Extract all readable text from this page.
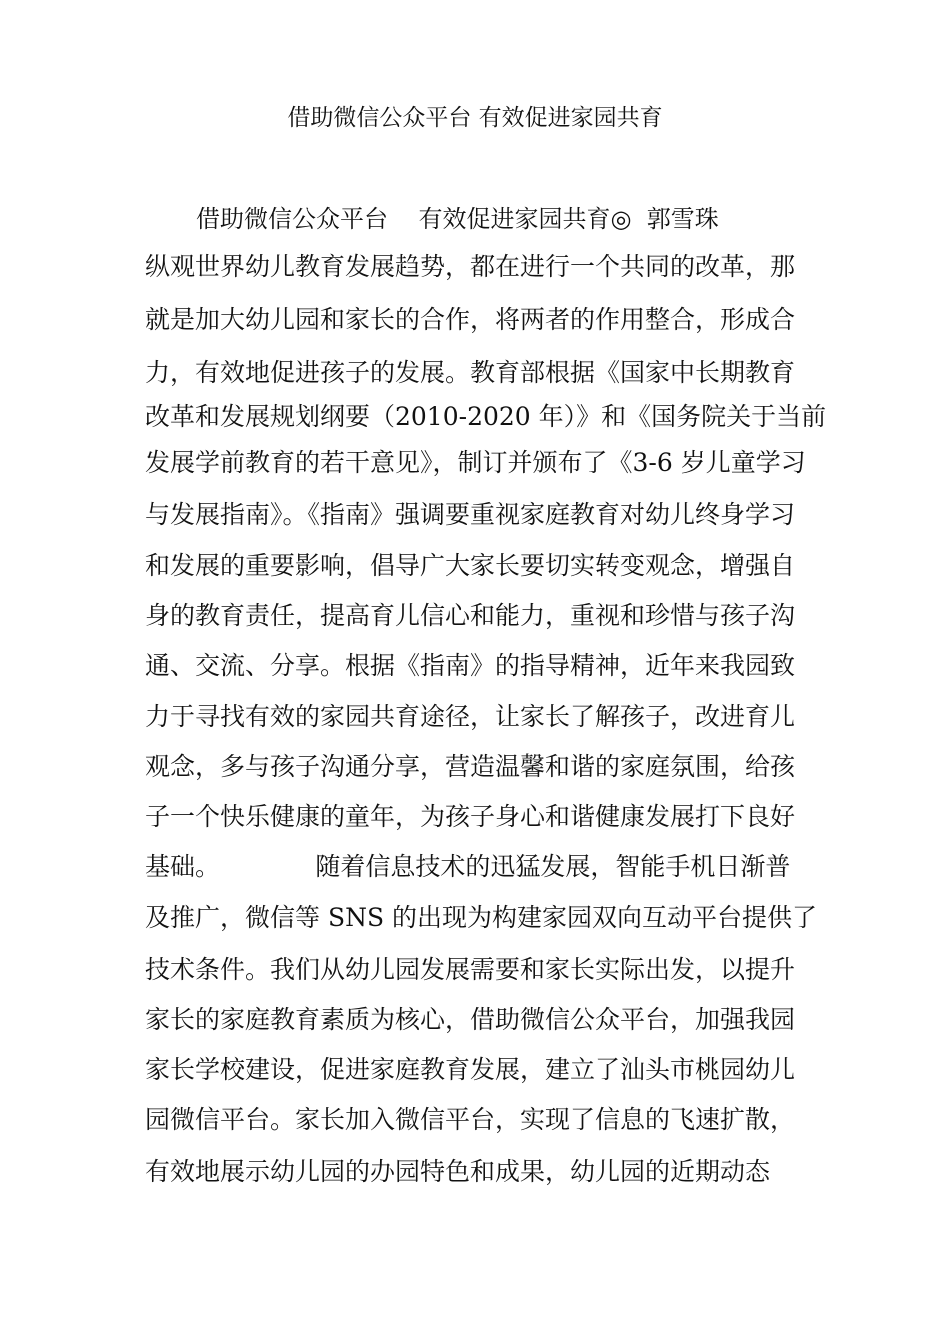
借助微信公众平台 有效促进家园共育
借助微信公众平台    有效促进家园共育◎  郭雪珠
纵观世界幼儿教育发展趋势，都在进行一个共同的改革，那
就是加大幼儿园和家长的合作，将两者的作用整合，形成合
力，有效地促进孩子的发展。教育部根据《国家中长期教育
改革和发展规划纲要（2010-2020 年）》和《国务院关于当前
发展学前教育的若干意见》，制订并颁布了《3-6 岁儿童学习
与发展指南》。《指南》强调要重视家庭教育对幼儿终身学习
和发展的重要影响，倡导广大家长要切实转变观念，增强自
身的教育责任，提高育儿信心和能力，重视和珍惜与孩子沟
通、交流、分享。根据《指南》的指导精神，近年来我园致
力于寻找有效的家园共育途径，让家长了解孩子，改进育儿
观念，多与孩子沟通分享，营造温馨和谐的家庭氛围，给孩
子一个快乐健康的童年，为孩子身心和谐健康发展打下良好
基础。            随着信息技术的迅猛发展，智能手机日渐普
及推广，微信等 SNS 的出现为构建家园双向互动平台提供了
技术条件。我们从幼儿园发展需要和家长实际出发，以提升
家长的家庭教育素质为核心，借助微信公众平台，加强我园
家长学校建设，促进家庭教育发展，建立了汕头市桃园幼儿
园微信平台。家长加入微信平台，实现了信息的飞速扩散，
有效地展示幼儿园的办园特色和成果，幼儿园的近期动态
